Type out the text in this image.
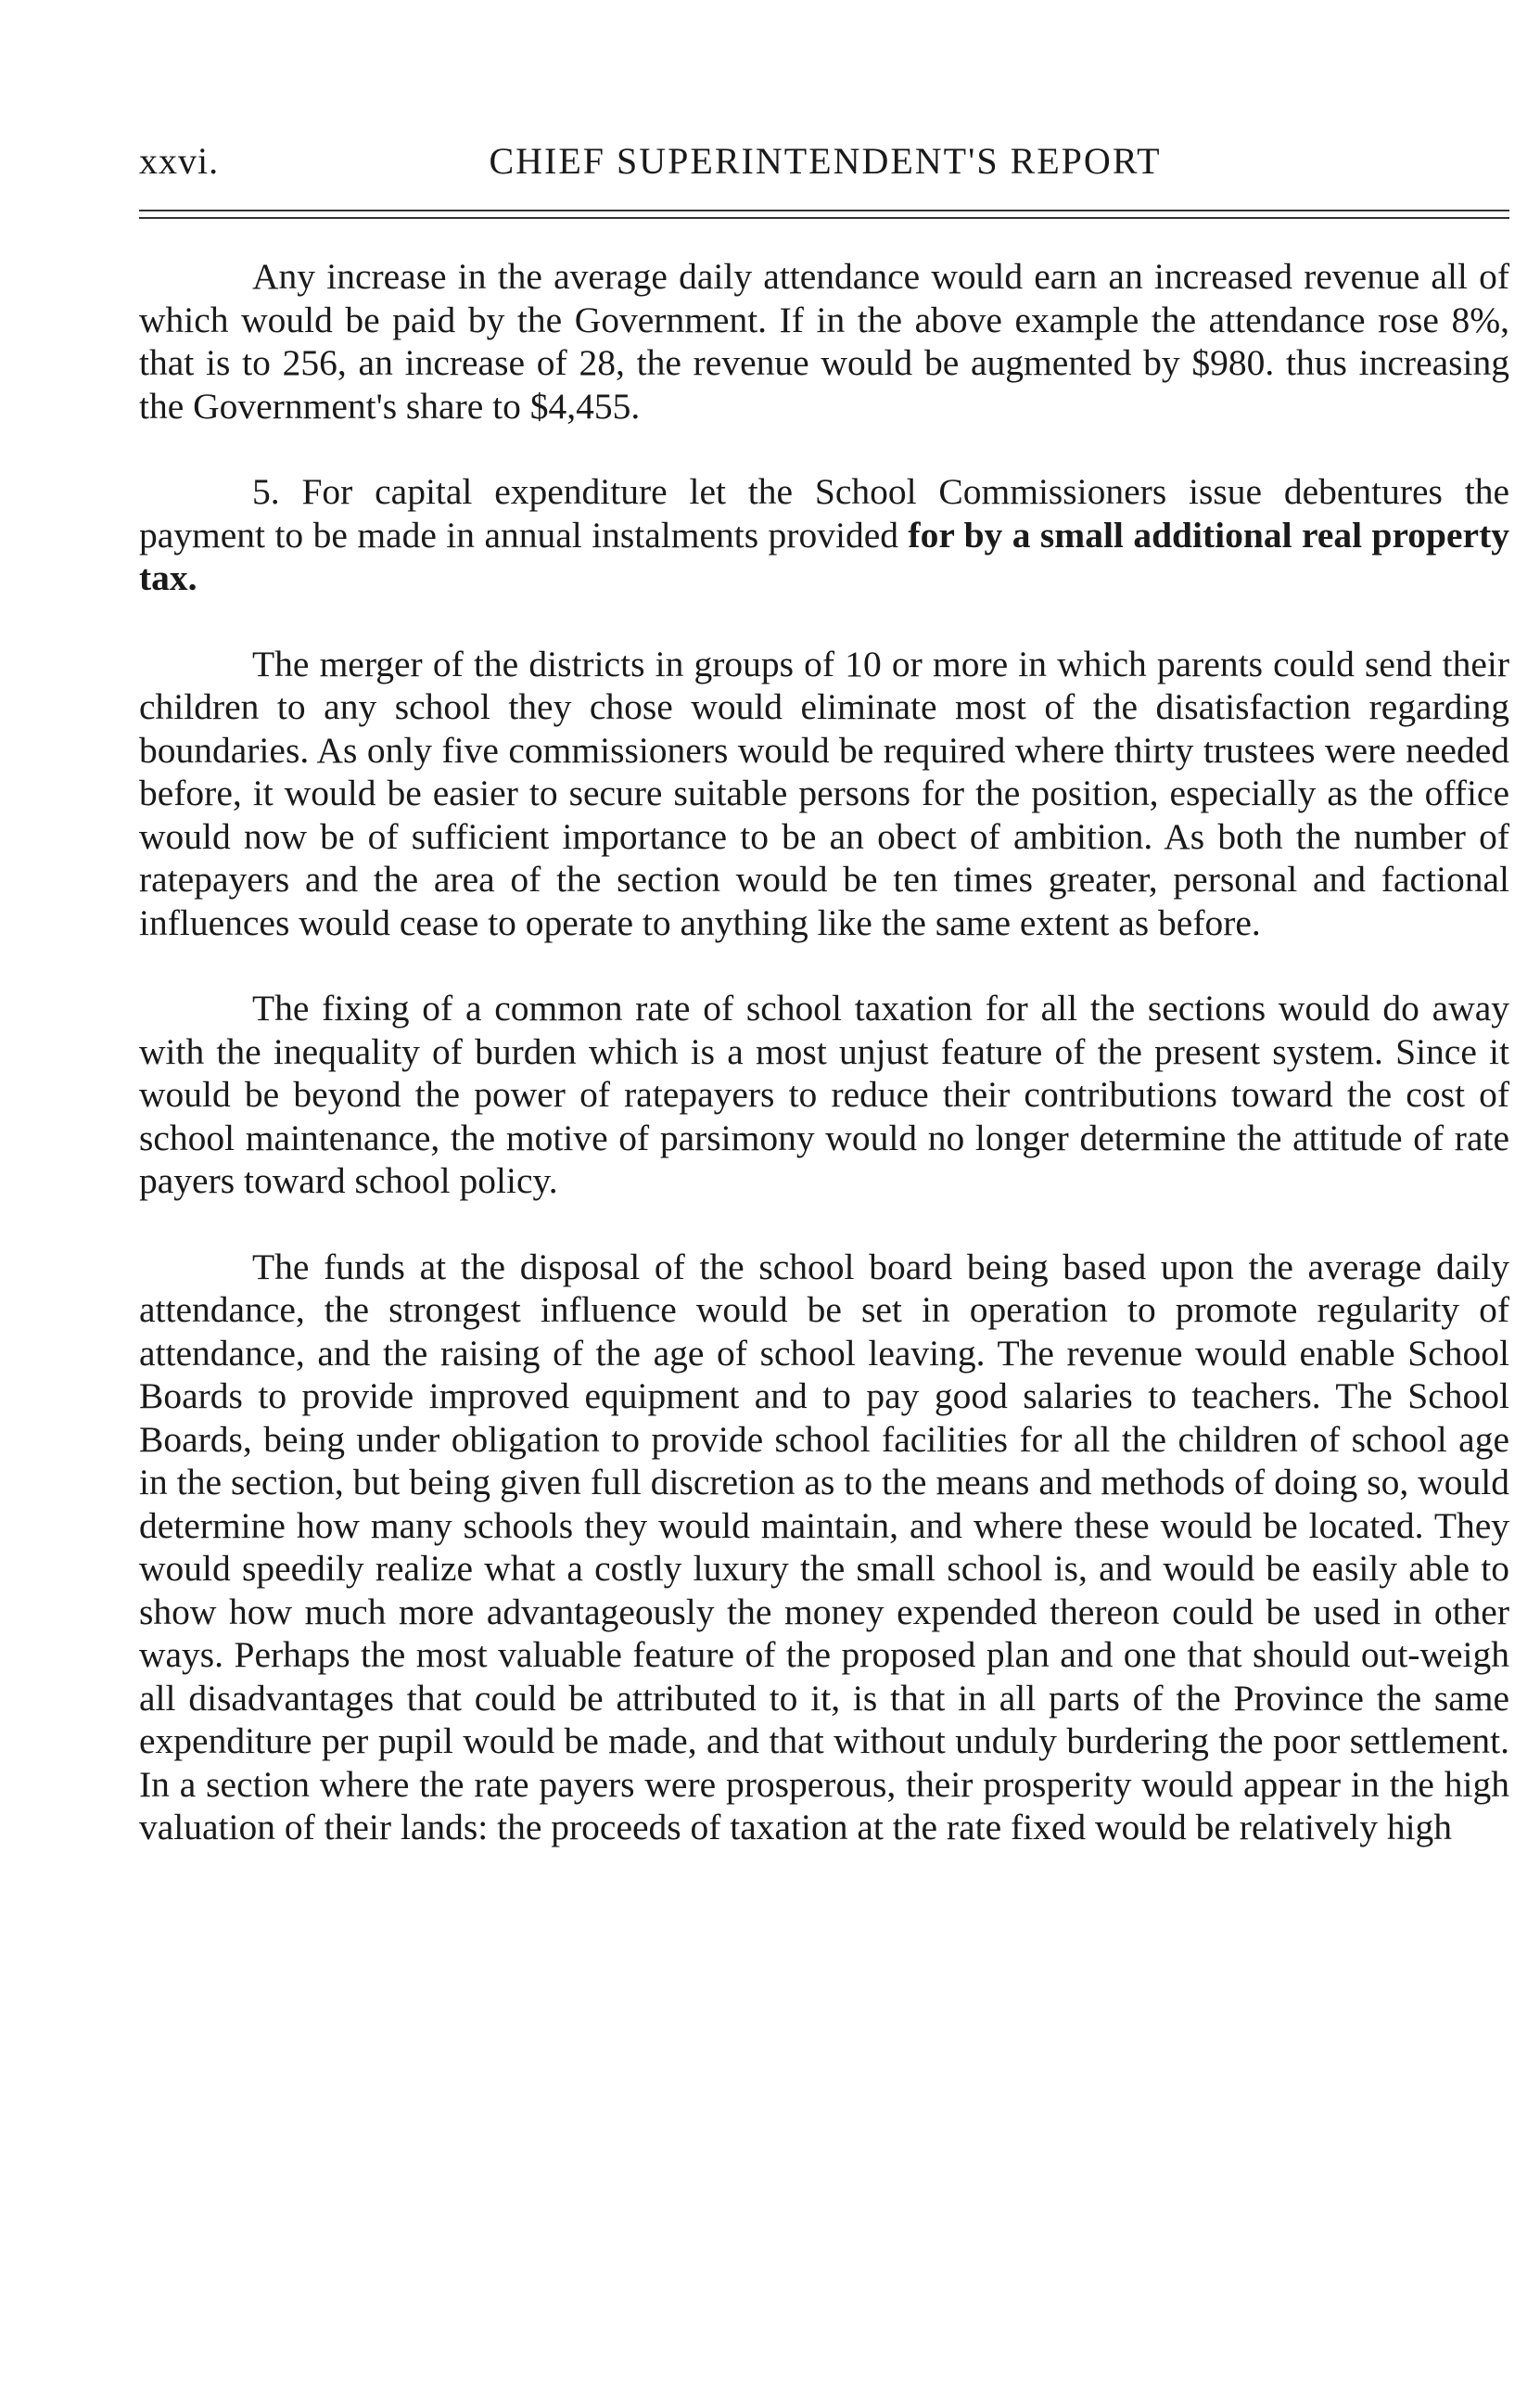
xxvi.	CHIEF SUPERINTENDENT'S REPORT

Any increase in the average daily attendance would earn an increased revenue all of which would be paid by the Government. If in the above example the attendance rose 8%, that is to 256, an increase of 28, the revenue would be augmented by $980. thus increasing the Government's share to $4,455.

5. For capital expenditure let the School Commissioners issue debentures the payment to be made in annual instalments provided for by a small additional real property tax.

The merger of the districts in groups of 10 or more in which parents could send their children to any school they chose would eliminate most of the disatisfaction regarding boundaries. As only five commissioners would be required where thirty trustees were needed before, it would be easier to secure suitable persons for the position, especially as the office would now be of sufficient importance to be an obect of ambition. As both the number of ratepayers and the area of the section would be ten times greater, personal and factional influences would cease to operate to anything like the same extent as before.

The fixing of a common rate of school taxation for all the sections would do away with the inequality of burden which is a most unjust feature of the present system. Since it would be beyond the power of ratepayers to reduce their contributions toward the cost of school maintenance, the motive of parsimony would no longer determine the attitude of rate payers toward school policy.

The funds at the disposal of the school board being based upon the average daily attendance, the strongest influence would be set in operation to promote regularity of attendance, and the raising of the age of school leaving. The revenue would enable School Boards to provide improved equipment and to pay good salaries to teachers. The School Boards, being under obligation to provide school facilities for all the children of school age in the section, but being given full discretion as to the means and methods of doing so, would determine how many schools they would maintain, and where these would be located. They would speedily realize what a costly luxury the small school is, and would be easily able to show how much more advantageously the money expended thereon could be used in other ways. Perhaps the most valuable feature of the proposed plan and one that should out-weigh all disadvantages that could be attributed to it, is that in all parts of the Province the same expenditure per pupil would be made, and that without unduly burdering the poor settlement. In a section where the rate payers were prosperous, their prosperity would appear in the high valuation of their lands: the proceeds of taxation at the rate fixed would be relatively high
